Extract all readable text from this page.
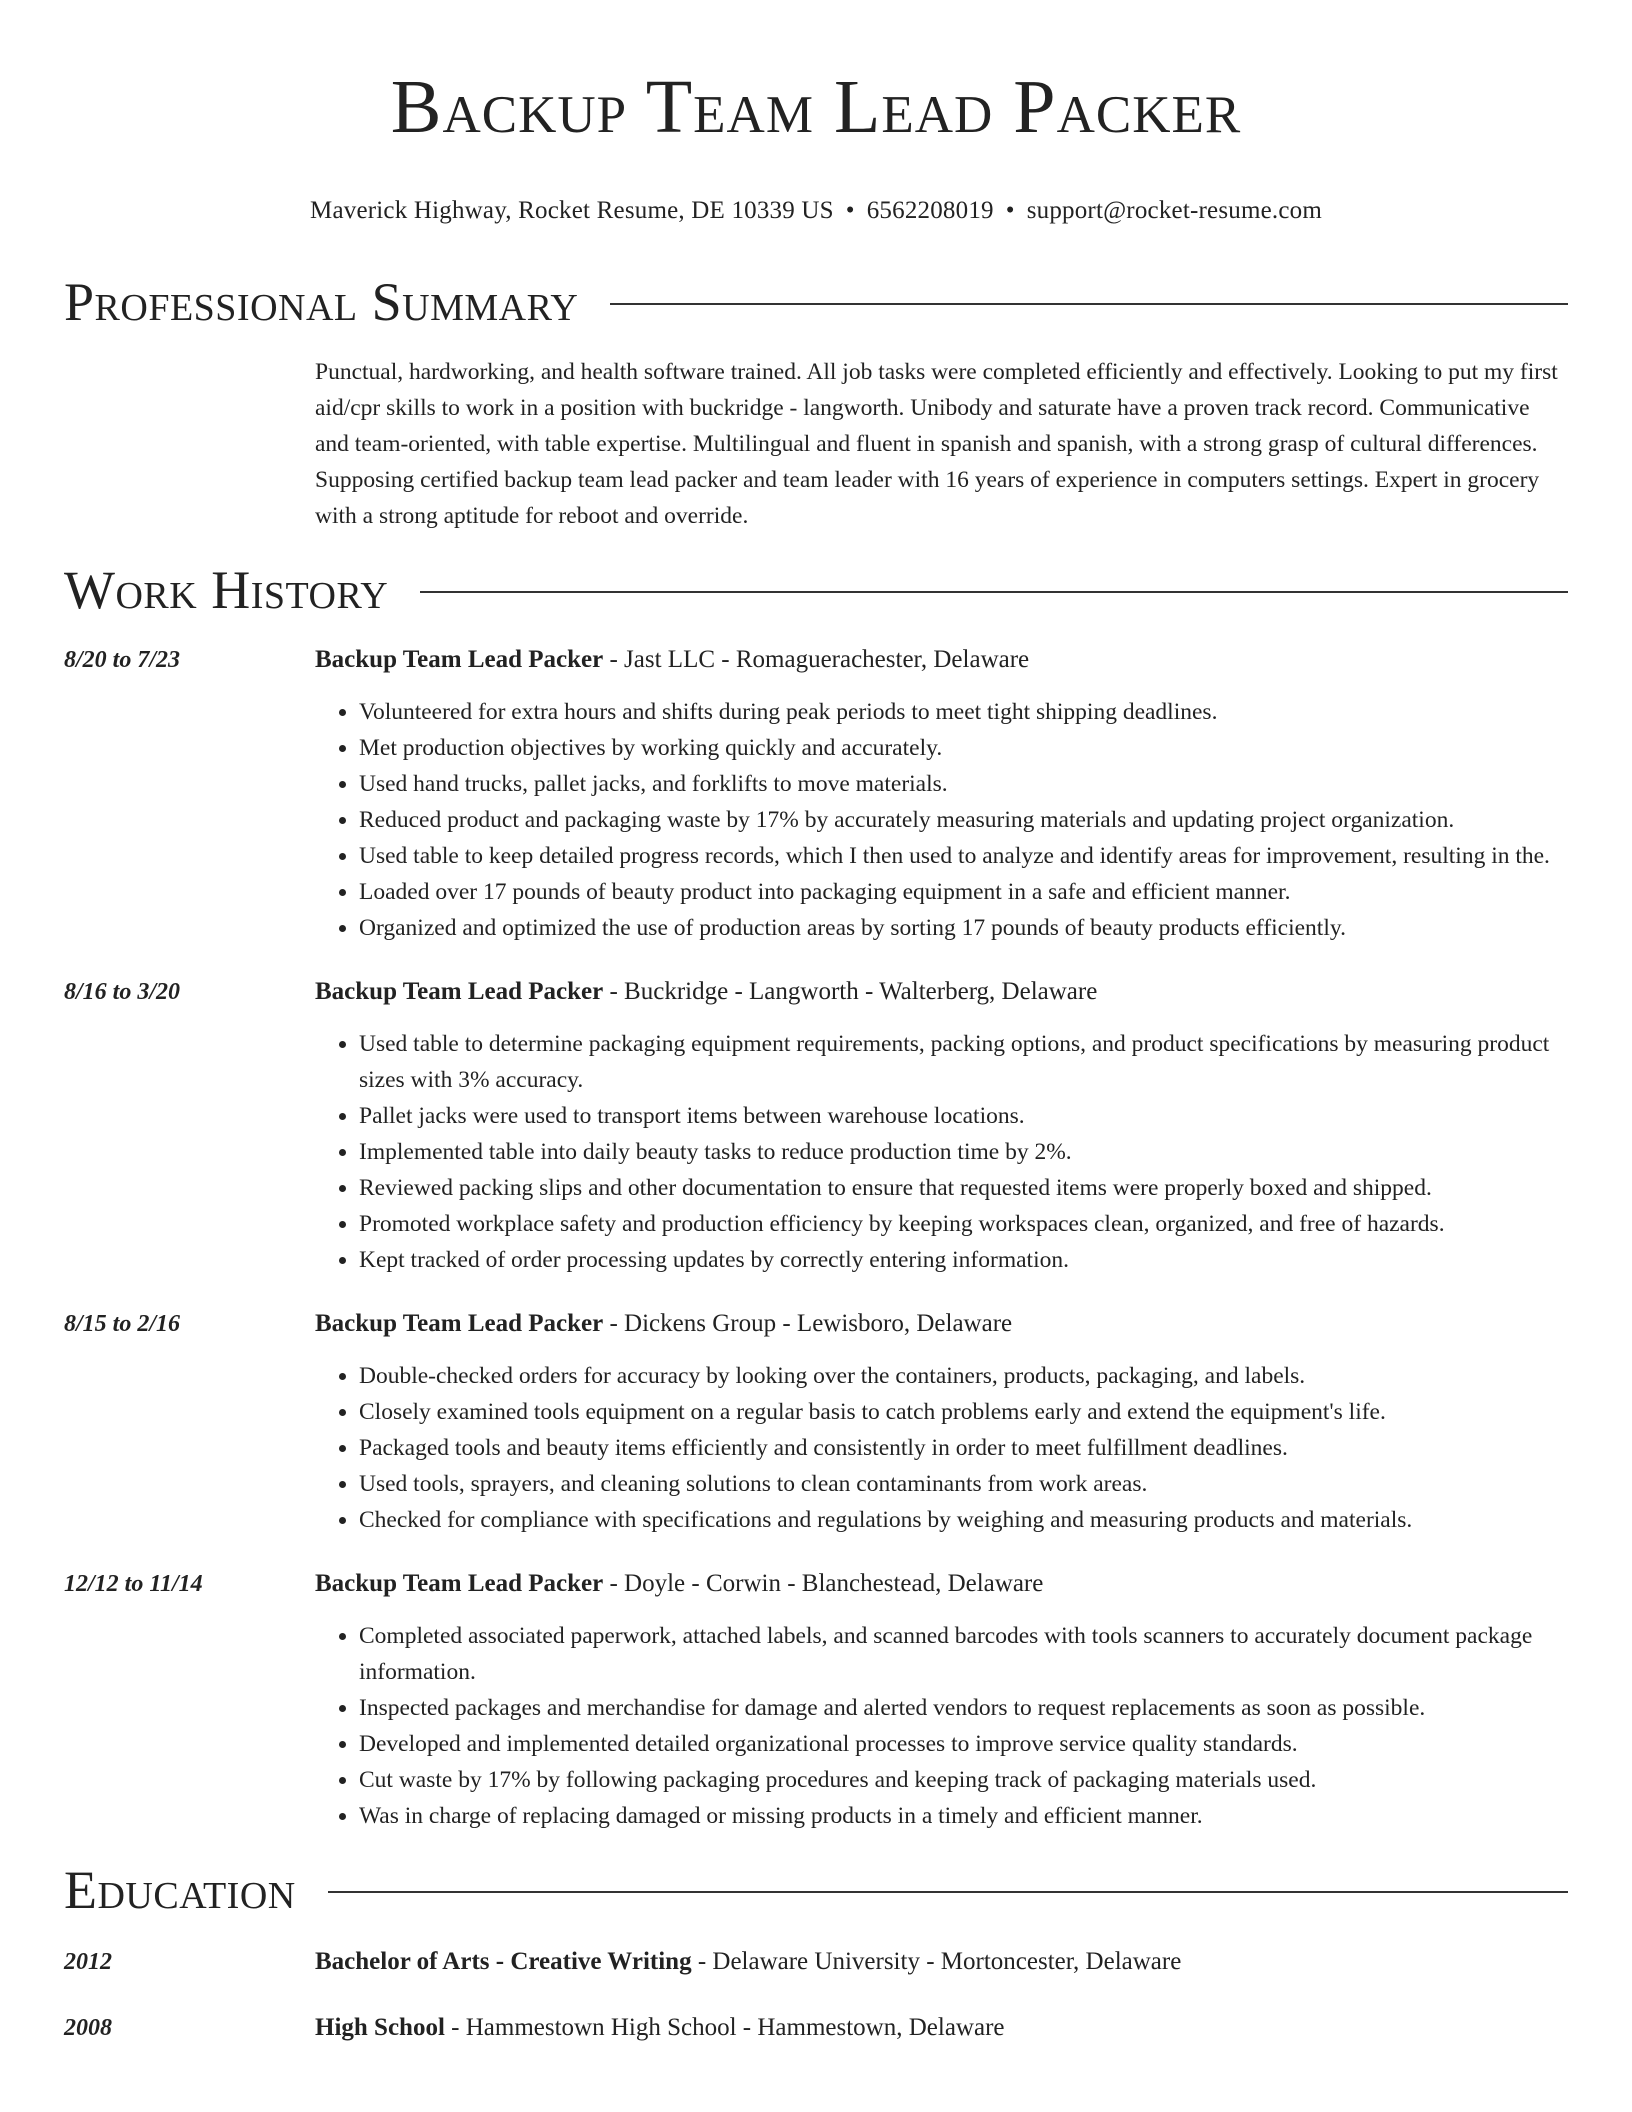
Backup Team Lead Packer
Maverick Highway, Rocket Resume, DE 10339 US • 6562208019 • support@rocket-resume.com
Professional Summary
Punctual, hardworking, and health software trained. All job tasks were completed efficiently and effectively. Looking to put my first aid/cpr skills to work in a position with buckridge - langworth. Unibody and saturate have a proven track record. Communicative and team-oriented, with table expertise. Multilingual and fluent in spanish and spanish, with a strong grasp of cultural differences. Supposing certified backup team lead packer and team leader with 16 years of experience in computers settings. Expert in grocery with a strong aptitude for reboot and override.
Work History
8/20 to 7/23	Backup Team Lead Packer - Jast LLC - Romaguerachester, Delaware
• Volunteered for extra hours and shifts during peak periods to meet tight shipping deadlines.
• Met production objectives by working quickly and accurately.
• Used hand trucks, pallet jacks, and forklifts to move materials.
• Reduced product and packaging waste by 17% by accurately measuring materials and updating project organization.
• Used table to keep detailed progress records, which I then used to analyze and identify areas for improvement, resulting in the.
• Loaded over 17 pounds of beauty product into packaging equipment in a safe and efficient manner.
• Organized and optimized the use of production areas by sorting 17 pounds of beauty products efficiently.
8/16 to 3/20	Backup Team Lead Packer - Buckridge - Langworth - Walterberg, Delaware
• Used table to determine packaging equipment requirements, packing options, and product specifications by measuring product sizes with 3% accuracy.
• Pallet jacks were used to transport items between warehouse locations.
• Implemented table into daily beauty tasks to reduce production time by 2%.
• Reviewed packing slips and other documentation to ensure that requested items were properly boxed and shipped.
• Promoted workplace safety and production efficiency by keeping workspaces clean, organized, and free of hazards.
• Kept tracked of order processing updates by correctly entering information.
8/15 to 2/16	Backup Team Lead Packer - Dickens Group - Lewisboro, Delaware
• Double-checked orders for accuracy by looking over the containers, products, packaging, and labels.
• Closely examined tools equipment on a regular basis to catch problems early and extend the equipment's life.
• Packaged tools and beauty items efficiently and consistently in order to meet fulfillment deadlines.
• Used tools, sprayers, and cleaning solutions to clean contaminants from work areas.
• Checked for compliance with specifications and regulations by weighing and measuring products and materials.
12/12 to 11/14	Backup Team Lead Packer - Doyle - Corwin - Blanchestead, Delaware
• Completed associated paperwork, attached labels, and scanned barcodes with tools scanners to accurately document package information.
• Inspected packages and merchandise for damage and alerted vendors to request replacements as soon as possible.
• Developed and implemented detailed organizational processes to improve service quality standards.
• Cut waste by 17% by following packaging procedures and keeping track of packaging materials used.
• Was in charge of replacing damaged or missing products in a timely and efficient manner.
Education
2012	Bachelor of Arts - Creative Writing - Delaware University - Mortoncester, Delaware
2008	High School - Hammestown High School - Hammestown, Delaware
